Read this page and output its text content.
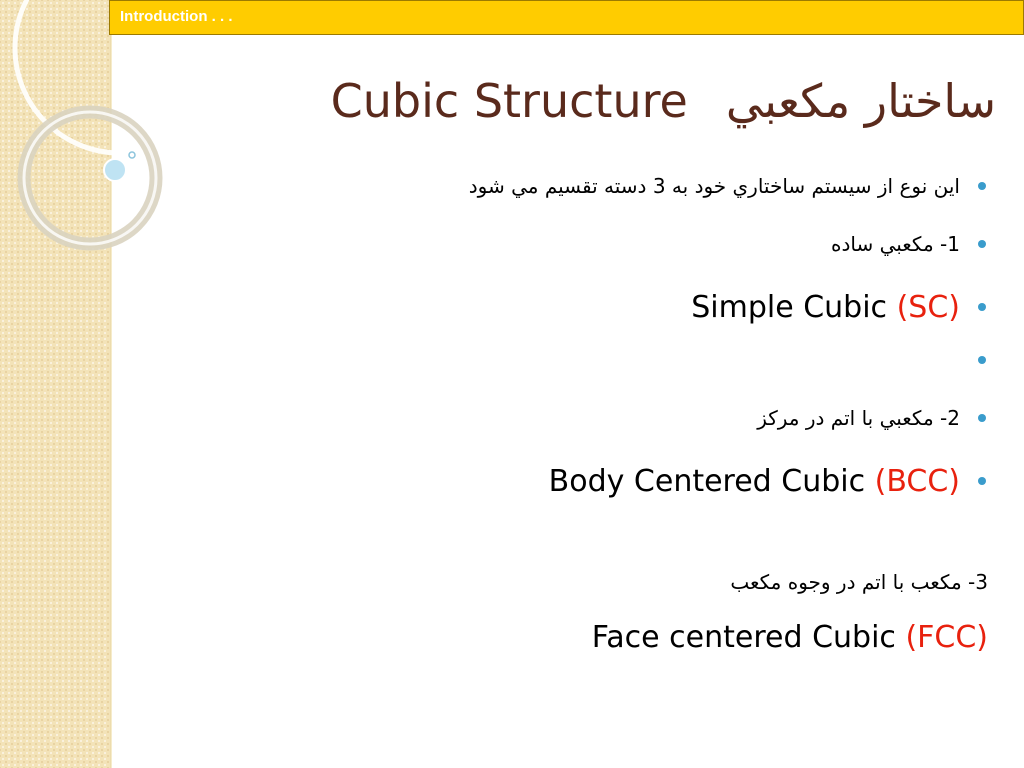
Introduction . . .
Cubic Structure ساختار مکعبي
اين نوع از سيستم ساختاري خود به 3 دسته تقسيم مي شود
1- مکعبي ساده
Simple Cubic (SC)
2- مکعبي با اتم در مرکز
Body Centered Cubic (BCC)
3- مکعب با اتم در وجوه مکعب
Face centered Cubic (FCC)
